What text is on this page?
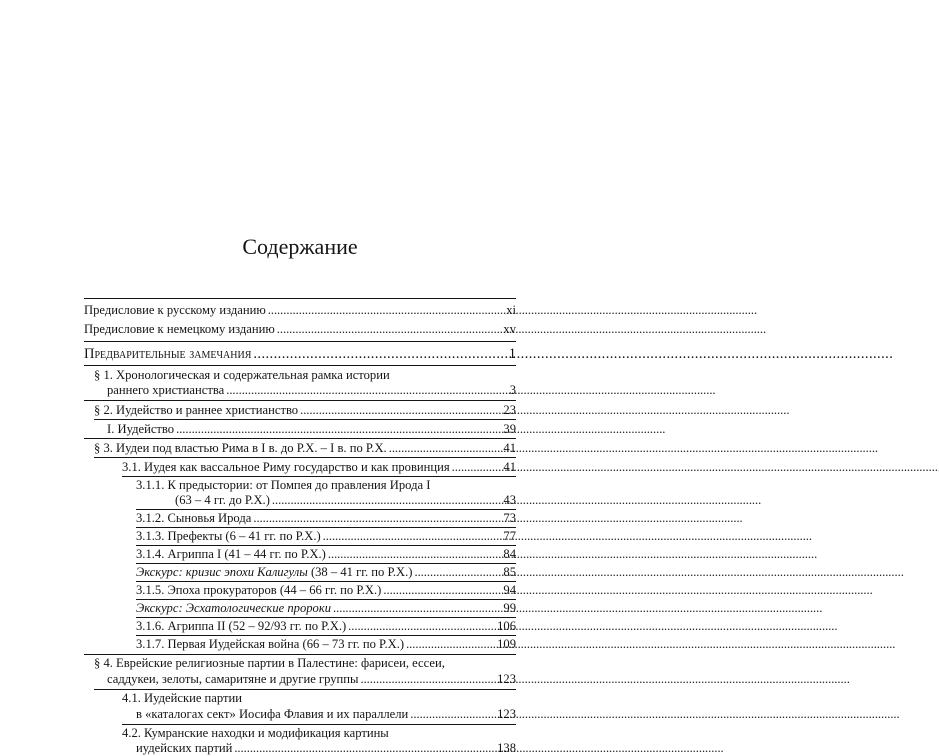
Содержание
Предисловие к русскому изданию . . .	xi
Предисловие к немецкому изданию . . .	xv
Предварительные замечания . . .	1
§ 1. Хронологическая и содержательная рамка истории
раннего христианства . . .	3
§ 2. Иудейство и раннее христианство . . .	23
I. Иудейство . . .	39
§ 3. Иудеи под властью Рима в I в. до Р.Х. – I в. по Р.Х. . . .	41
3.1. Иудея как вассальное Риму государство и как провинция . . .	41
3.1.1. К предыстории: от Помпея до правления Ирода I
(63 – 4 гг. до Р.Х.) . . .	43
3.1.2. Сыновья Ирода . . .	73
3.1.3. Префекты (6 – 41 гг. по Р.Х.) . . .	77
3.1.4. Агриппа I (41 – 44 гг. по Р.Х.) . . .	84
Экскурс: кризис эпохи Калигулы (38 – 41 гг. по Р.Х.) . . .	85
3.1.5. Эпоха прокураторов (44 – 66 гг. по Р.Х.) . . .	94
Экскурс: Эсхатологические пророки . . .	99
3.1.6. Агриппа II (52 – 92/93 гг. по Р.Х.) . . .	106
3.1.7. Первая Иудейская война (66 – 73 гг. по Р.Х.) . . .	109
§ 4. Еврейские религиозные партии в Палестине: фарисеи, ессеи,
саддукеи, зелоты, самаритяне и другие группы . . .	123
4.1. Иудейские партии
в «каталогах сект» Иосифа Флавия и их параллели . . .	123
4.2. Кумранские находки и модификация картины
иудейских партий . . .	138
